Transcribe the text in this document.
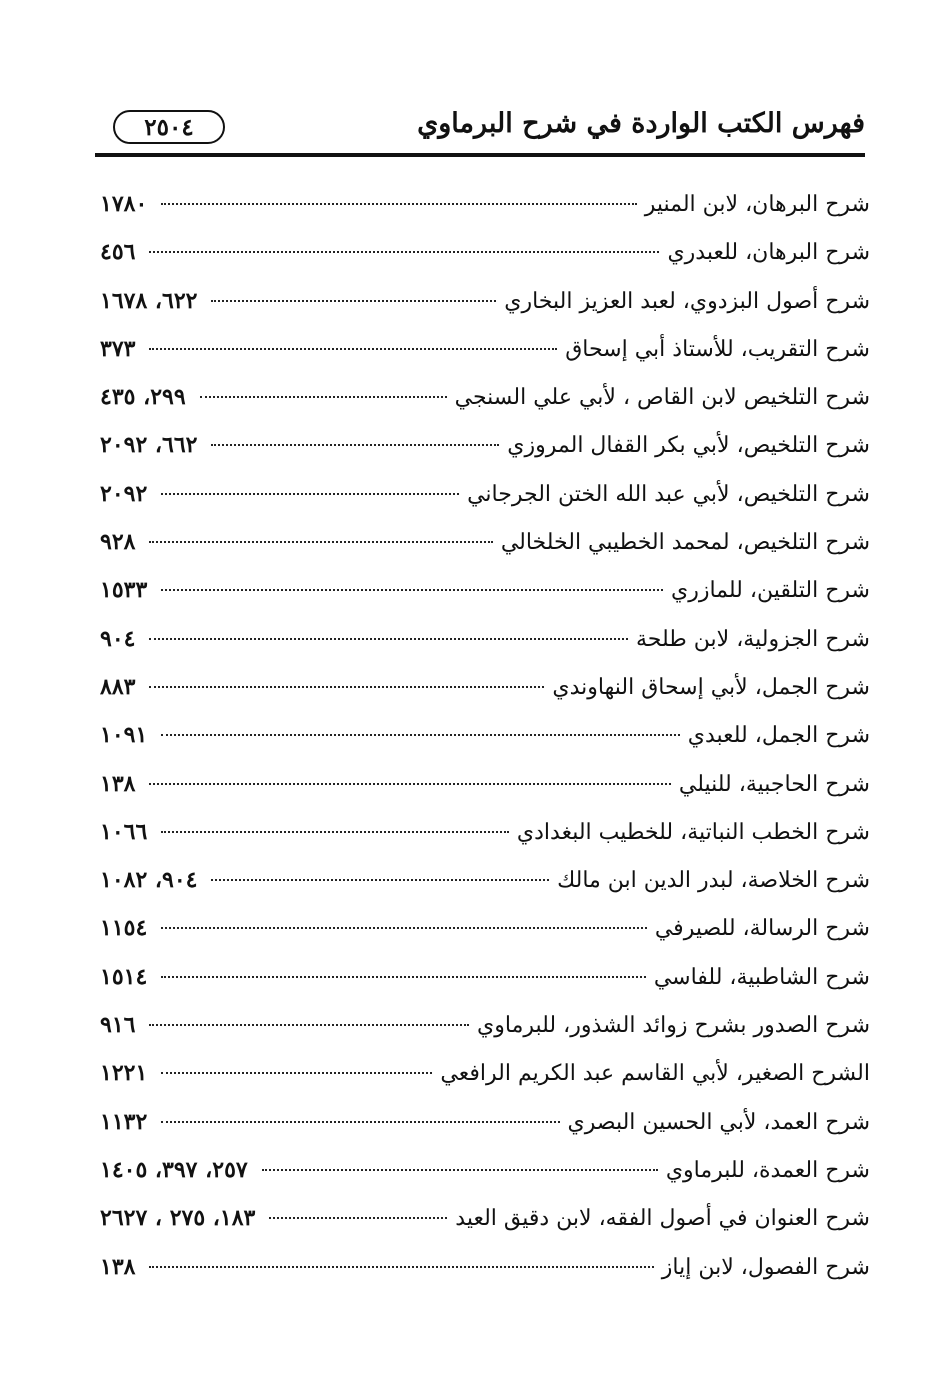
فهرس الكتب الواردة في شرح البرماوي
٢٥٠٤
شرح البرهان، لابن المنير
١٧٨٠
شرح البرهان، للعبدري
٤٥٦
شرح أصول البزدوي، لعبد العزيز البخاري
٦٢٢، ١٦٧٨
شرح التقريب، للأستاذ أبي إسحاق
٣٧٣
شرح التلخيص لابن القاص ، لأبي علي السنجي
٢٩٩، ٤٣٥
شرح التلخيص، لأبي بكر القفال المروزي
٦٦٢، ٢٠٩٢
شرح التلخيص، لأبي عبد الله الختن الجرجاني
٢٠٩٢
شرح التلخيص، لمحمد الخطيبي الخلخالي
٩٢٨
شرح التلقين، للمازري
١٥٣٣
شرح الجزولية، لابن طلحة
٩٠٤
شرح الجمل، لأبي إسحاق النهاوندي
٨٨٣
شرح الجمل، للعبدي
١٠٩١
شرح الحاجبية، للنيلي
١٣٨
شرح الخطب النباتية، للخطيب البغدادي
١٠٦٦
شرح الخلاصة، لبدر الدين ابن مالك
٩٠٤، ١٠٨٢
شرح الرسالة، للصيرفي
١١٥٤
شرح الشاطبية، للفاسي
١٥١٤
شرح الصدور بشرح زوائد الشذور، للبرماوي
٩١٦
الشرح الصغير، لأبي القاسم عبد الكريم الرافعي
١٢٢١
شرح العمد، لأبي الحسين البصري
١١٣٢
شرح العمدة، للبرماوي
٢٥٧، ٣٩٧، ١٤٠٥
شرح العنوان في أصول الفقه، لابن دقيق العيد
١٨٣، ٢٧٥ ، ٢٦٢٧
شرح الفصول، لابن إياز
١٣٨
